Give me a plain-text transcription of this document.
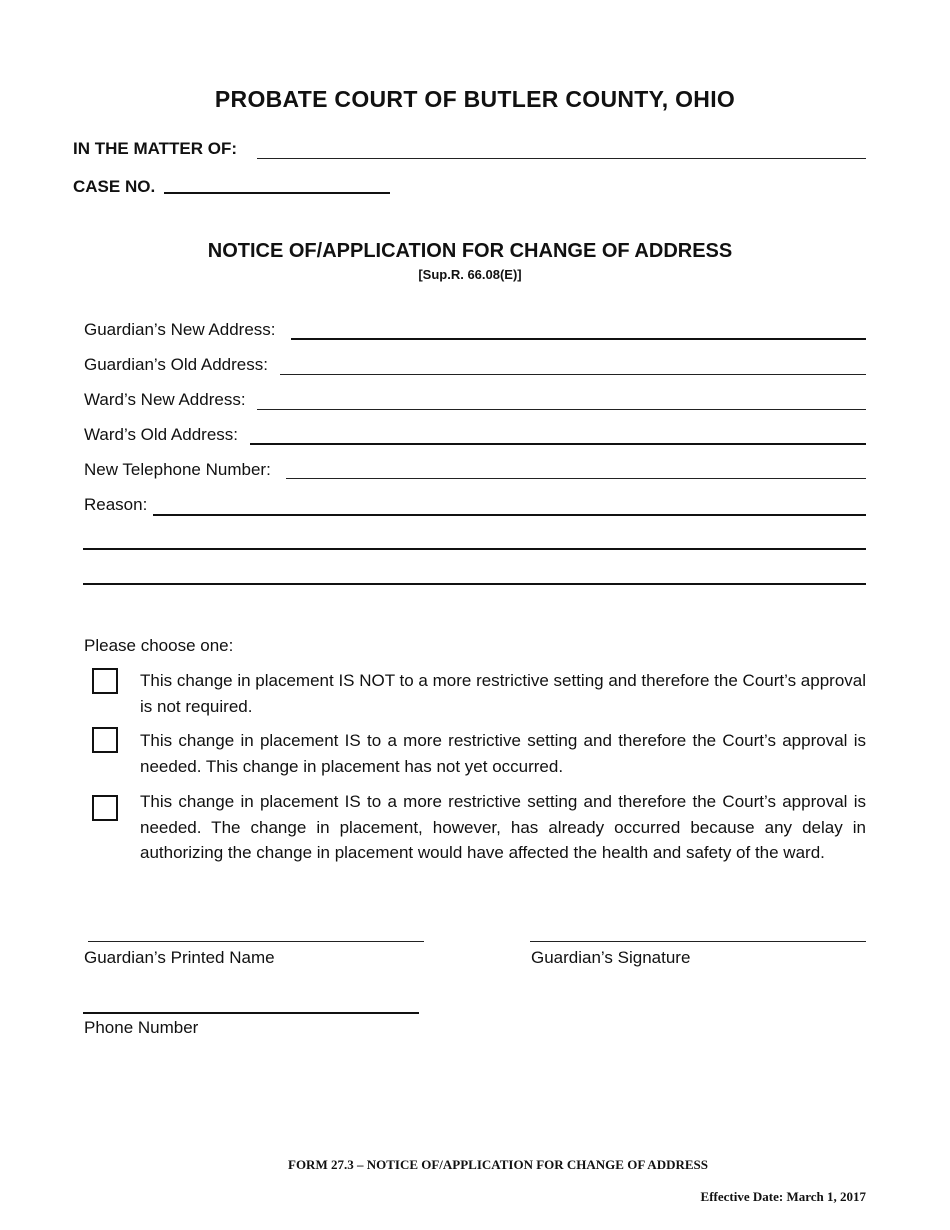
PROBATE COURT OF BUTLER COUNTY, OHIO
IN THE MATTER OF:
CASE NO.
NOTICE OF/APPLICATION FOR CHANGE OF ADDRESS
[Sup.R. 66.08(E)]
Guardian’s New Address:
Guardian’s Old Address:
Ward’s New Address:
Ward’s Old Address:
New Telephone Number:
Reason:
Please choose one:
This change in placement IS NOT to a more restrictive setting and therefore the Court’s approval is not required.
This change in placement IS to a more restrictive setting and therefore the Court’s approval is needed. This change in placement has not yet occurred.
This change in placement IS to a more restrictive setting and therefore the Court’s approval is needed. The change in placement, however, has already occurred because any delay in authorizing the change in placement would have affected the health and safety of the ward.
Guardian’s Printed Name	Guardian’s Signature
Phone Number
FORM 27.3 – NOTICE OF/APPLICATION FOR CHANGE OF ADDRESS
Effective Date: March 1, 2017
